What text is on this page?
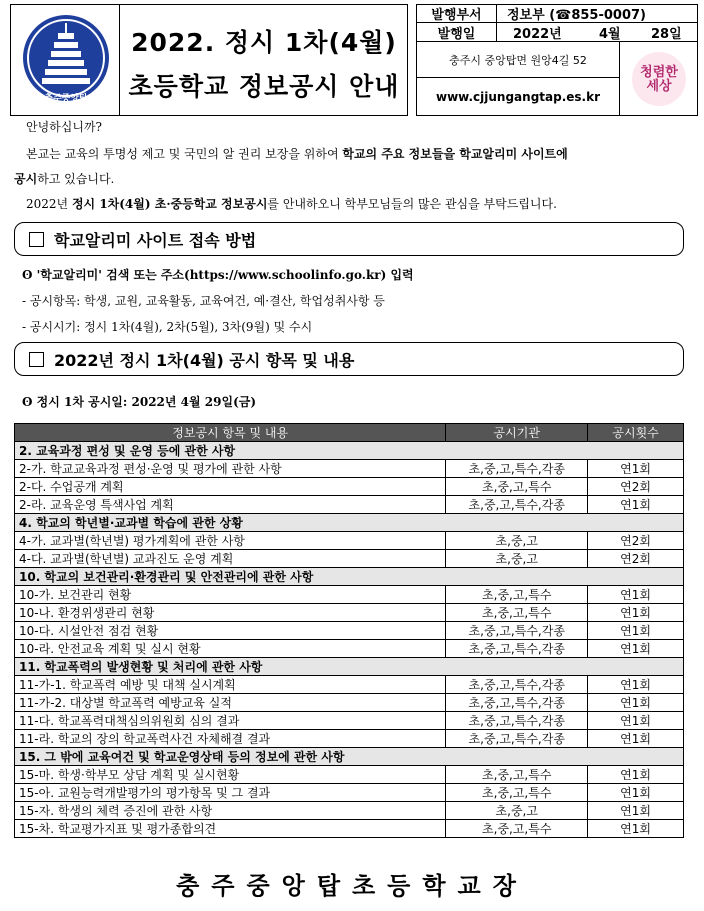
충주중앙탑
2022. 정시 1차(4월)
초등학교 정보공시 안내
발행부서	정보부 (☎855-0007)
발행일	2022년	4월 28일
충주시 중앙탑면 원앙4길 52
www.cjjungangtap.es.kr
청렴한
세상
안녕하십니까?
본교는 교육의 투명성 제고 및 국민의 알 권리 보장을 위하여 학교의 주요 정보들을 학교알리미 사이트에
공시하고 있습니다.
2022년 정시 1차(4월) 초·중등학교 정보공시를 안내하오니 학부모님들의 많은 관심을 부탁드립니다.
학교알리미 사이트 접속 방법
ʘ '학교알리미' 검색 또는 주소(https://www.schoolinfo.go.kr) 입력
- 공시항목: 학생, 교원, 교육활동, 교육여건, 예·결산, 학업성취사항 등
- 공시시기: 정시 1차(4월), 2차(5월), 3차(9월) 및 수시
2022년 정시 1차(4월) 공시 항목 및 내용
ʘ 정시 1차 공시일: 2022년 4월 29일(금)
정보공시 항목 및 내용	공시기관	공시횟수
2. 교육과정 편성 및 운영 등에 관한 사항		
2-가. 학교교육과정 편성·운영 및 평가에 관한 사항	초,중,고,특수,각종	연1회
2-다. 수업공개 계획	초,중,고,특수	연2회
2-라. 교육운영 특색사업 계획	초,중,고,특수,각종	연1회
4. 학교의 학년별·교과별 학습에 관한 상황		
4-가. 교과별(학년별) 평가계획에 관한 사항	초,중,고	연2회
4-다. 교과별(학년별) 교과진도 운영 계획	초,중,고	연2회
10. 학교의 보건관리·환경관리 및 안전관리에 관한 사항		
10-가. 보건관리 현황	초,중,고,특수	연1회
10-나. 환경위생관리 현황	초,중,고,특수	연1회
10-다. 시설안전 점검 현황	초,중,고,특수,각종	연1회
10-라. 안전교육 계획 및 실시 현황	초,중,고,특수,각종	연1회
11. 학교폭력의 발생현황 및 처리에 관한 사항		
11-가-1. 학교폭력 예방 및 대책 실시계획	초,중,고,특수,각종	연1회
11-가-2. 대상별 학교폭력 예방교육 실적	초,중,고,특수,각종	연1회
11-다. 학교폭력대책심의위원회 심의 결과	초,중,고,특수,각종	연1회
11-라. 학교의 장의 학교폭력사건 자체해결 결과	초,중,고,특수,각종	연1회
15. 그 밖에 교육여건 및 학교운영상태 등의 정보에 관한 사항		
15-마. 학생·학부모 상담 계획 및 실시현황	초,중,고,특수	연1회
15-아. 교원능력개발평가의 평가항목 및 그 결과	초,중,고,특수	연1회
15-자. 학생의 체력 증진에 관한 사항	초,중,고	연1회
15-차. 학교평가지표 및 평가종합의견	초,중,고,특수	연1회
충주중앙탑초등학교장
